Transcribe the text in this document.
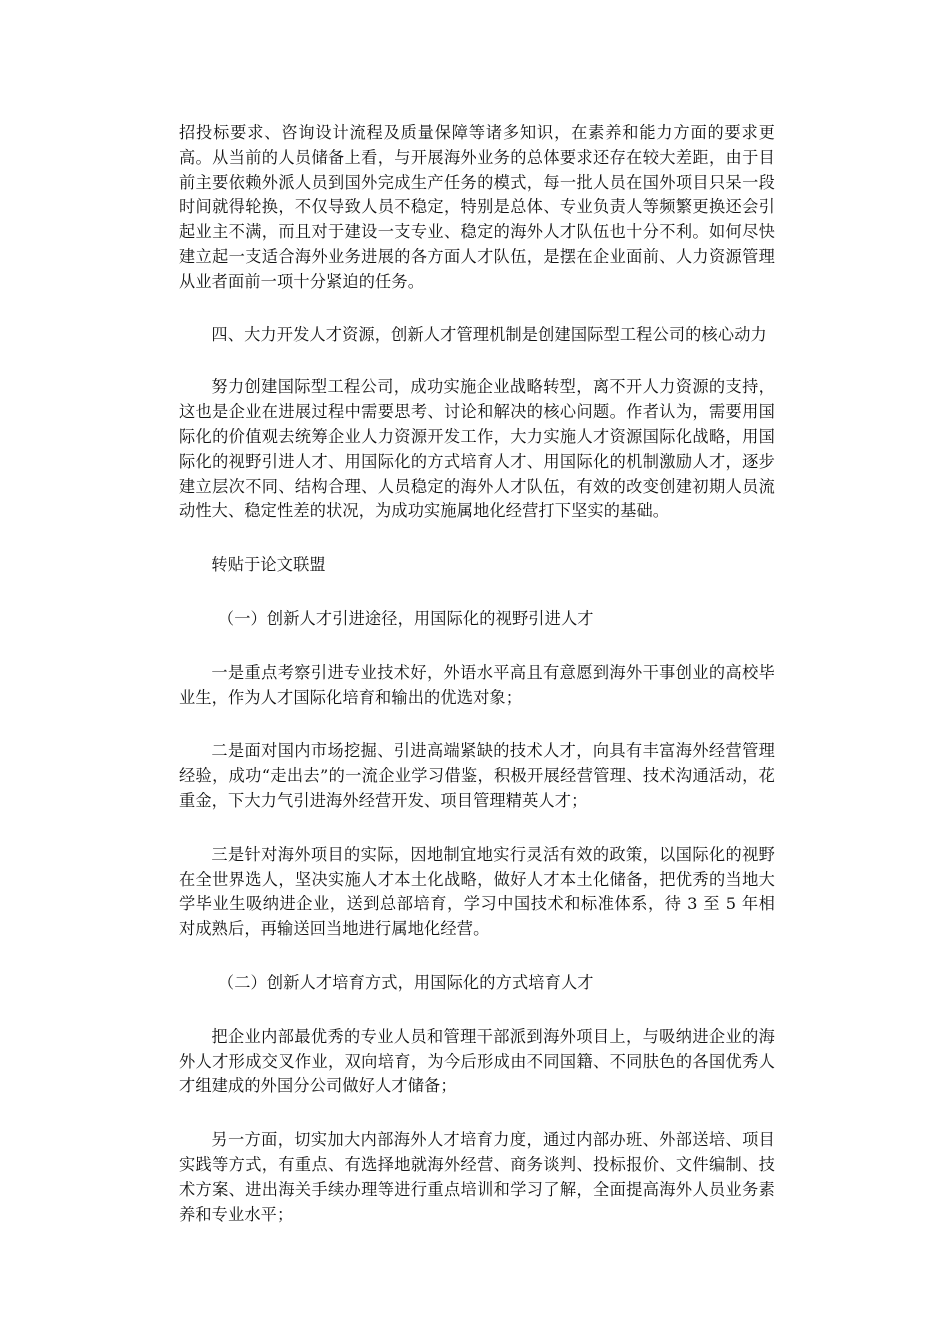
招投标要求、咨询设计流程及质量保障等诸多知识，在素养和能力方面的要求更高。从当前的人员储备上看，与开展海外业务的总体要求还存在较大差距，由于目前主要依赖外派人员到国外完成生产任务的模式，每一批人员在国外项目只呆一段时间就得轮换，不仅导致人员不稳定，特别是总体、专业负责人等频繁更换还会引起业主不满，而且对于建设一支专业、稳定的海外人才队伍也十分不利。如何尽快建立起一支适合海外业务进展的各方面人才队伍，是摆在企业面前、人力资源管理从业者面前一项十分紧迫的任务。

四、大力开发人才资源，创新人才管理机制是创建国际型工程公司的核心动力

努力创建国际型工程公司，成功实施企业战略转型，离不开人力资源的支持，这也是企业在进展过程中需要思考、讨论和解决的核心问题。作者认为，需要用国际化的价值观去统筹企业人力资源开发工作，大力实施人才资源国际化战略，用国际化的视野引进人才、用国际化的方式培育人才、用国际化的机制激励人才，逐步建立层次不同、结构合理、人员稳定的海外人才队伍，有效的改变创建初期人员流动性大、稳定性差的状况，为成功实施属地化经营打下坚实的基础。

转贴于论文联盟

（一）创新人才引进途径，用国际化的视野引进人才

一是重点考察引进专业技术好，外语水平高且有意愿到海外干事创业的高校毕业生，作为人才国际化培育和输出的优选对象；

二是面对国内市场挖掘、引进高端紧缺的技术人才，向具有丰富海外经营管理经验，成功“走出去”的一流企业学习借鉴，积极开展经营管理、技术沟通活动，花重金，下大力气引进海外经营开发、项目管理精英人才；

三是针对海外项目的实际，因地制宜地实行灵活有效的政策，以国际化的视野在全世界选人，坚决实施人才本土化战略，做好人才本土化储备，把优秀的当地大学毕业生吸纳进企业，送到总部培育，学习中国技术和标准体系，待 3 至 5 年相对成熟后，再输送回当地进行属地化经营。

（二）创新人才培育方式，用国际化的方式培育人才

把企业内部最优秀的专业人员和管理干部派到海外项目上，与吸纳进企业的海外人才形成交叉作业，双向培育，为今后形成由不同国籍、不同肤色的各国优秀人才组建成的外国分公司做好人才储备；

另一方面，切实加大内部海外人才培育力度，通过内部办班、外部送培、项目实践等方式，有重点、有选择地就海外经营、商务谈判、投标报价、文件编制、技术方案、进出海关手续办理等进行重点培训和学习了解，全面提高海外人员业务素养和专业水平；
